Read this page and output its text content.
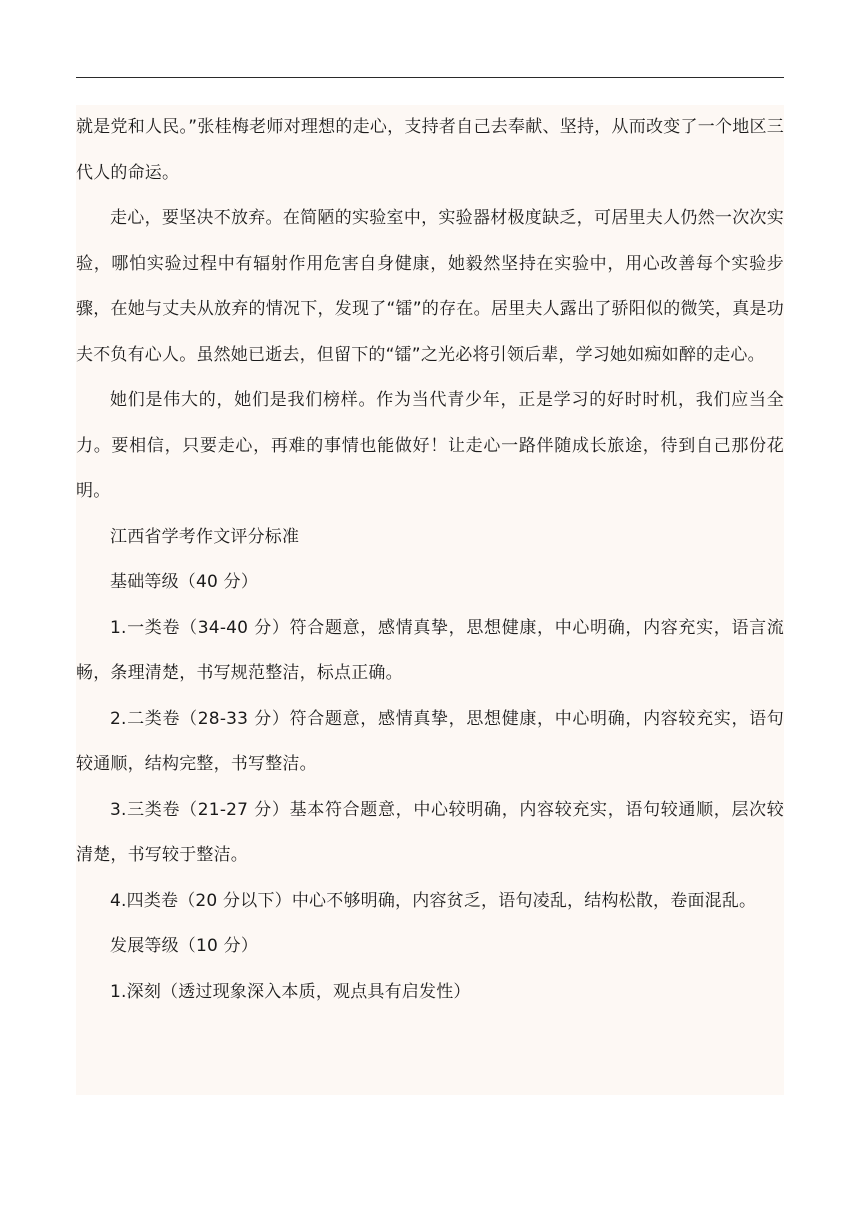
就是党和人民。”张桂梅老师对理想的走心，支持者自己去奉献、坚持，从而改变了一个地区三代人的命运。

走心，要坚决不放弃。在简陋的实验室中，实验器材极度缺乏，可居里夫人仍然一次次实验，哪怕实验过程中有辐射作用危害自身健康，她毅然坚持在实验中，用心改善每个实验步骤，在她与丈夫从放弃的情况下，发现了“镭”的存在。居里夫人露出了骄阳似的微笑，真是功夫不负有心人。虽然她已逝去，但留下的“镭”之光必将引领后辈，学习她如痴如醉的走心。

她们是伟大的，她们是我们榜样。作为当代青少年，正是学习的好时时机，我们应当全力。要相信，只要走心，再难的事情也能做好！让走心一路伴随成长旅途，待到自己那份花明。

江西省学考作文评分标准

基础等级（40 分）

1.一类卷（34-40 分）符合题意，感情真挚，思想健康，中心明确，内容充实，语言流畅，条理清楚，书写规范整洁，标点正确。

2.二类卷（28-33 分）符合题意，感情真挚，思想健康，中心明确，内容较充实，语句较通顺，结构完整，书写整洁。

3.三类卷（21-27 分）基本符合题意，中心较明确，内容较充实，语句较通顺，层次较清楚，书写较于整洁。

4.四类卷（20 分以下）中心不够明确，内容贫乏，语句凌乱，结构松散，卷面混乱。

发展等级（10 分）

1.深刻（透过现象深入本质，观点具有启发性）
